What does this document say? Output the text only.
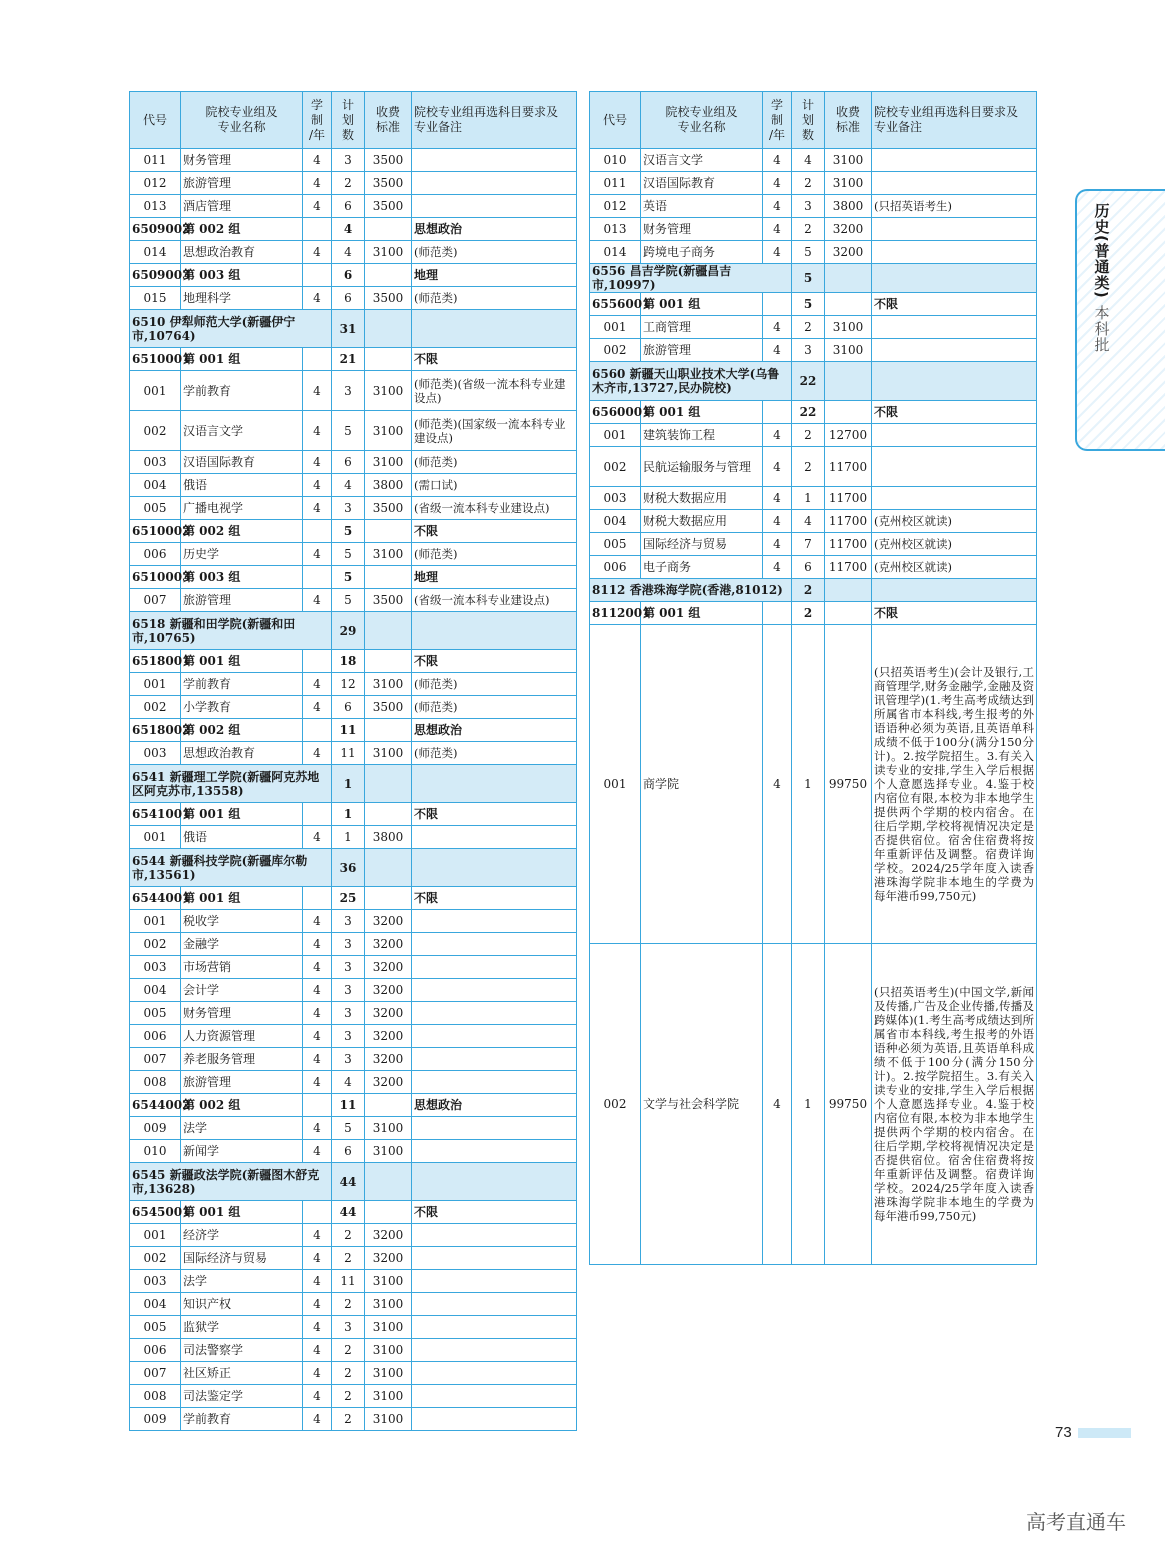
代号	院校专业组及
专业名称	学
制
/年	计
划
数	收费
标准	院校专业组再选科目要求及
专业备注
011	财务管理	4	3	3500	
012	旅游管理	4	2	3500	
013	酒店管理	4	6	3500	
6509002	第 002 组		4		思想政治
014	思想政治教育	4	4	3100	(师范类)
6509003	第 003 组		6		地理
015	地理科学	4	6	3500	(师范类)
6510 伊犁师范大学(新疆伊宁市,10764)			31		
6510001	第 001 组		21		不限
001	学前教育	4	3	3100	(师范类)(省级一流本科专业建设点)
002	汉语言文学	4	5	3100	(师范类)(国家级一流本科专业建设点)
003	汉语国际教育	4	6	3100	(师范类)
004	俄语	4	4	3800	(需口试)
005	广播电视学	4	3	3500	(省级一流本科专业建设点)
6510002	第 002 组		5		不限
006	历史学	4	5	3100	(师范类)
6510003	第 003 组		5		地理
007	旅游管理	4	5	3500	(省级一流本科专业建设点)
6518 新疆和田学院(新疆和田市,10765)			29		
6518001	第 001 组		18		不限
001	学前教育	4	12	3100	(师范类)
002	小学教育	4	6	3500	(师范类)
6518002	第 002 组		11		思想政治
003	思想政治教育	4	11	3100	(师范类)
6541 新疆理工学院(新疆阿克苏地区阿克苏市,13558)			1		
6541001	第 001 组		1		不限
001	俄语	4	1	3800	
6544 新疆科技学院(新疆库尔勒市,13561)			36		
6544001	第 001 组		25		不限
001	税收学	4	3	3200	
002	金融学	4	3	3200	
003	市场营销	4	3	3200	
004	会计学	4	3	3200	
005	财务管理	4	3	3200	
006	人力资源管理	4	3	3200	
007	养老服务管理	4	3	3200	
008	旅游管理	4	4	3200	
6544002	第 002 组		11		思想政治
009	法学	4	5	3100	
010	新闻学	4	6	3100	
6545 新疆政法学院(新疆图木舒克市,13628)			44		
6545001	第 001 组		44		不限
001	经济学	4	2	3200	
002	国际经济与贸易	4	2	3200	
003	法学	4	11	3100	
004	知识产权	4	2	3100	
005	监狱学	4	3	3100	
006	司法警察学	4	2	3100	
007	社区矫正	4	2	3100	
008	司法鉴定学	4	2	3100	
009	学前教育	4	2	3100	
代号	院校专业组及
专业名称	学
制
/年	计
划
数	收费
标准	院校专业组再选科目要求及
专业备注
010	汉语言文学	4	4	3100	
011	汉语国际教育	4	2	3100	
012	英语	4	3	3800	(只招英语考生)
013	财务管理	4	2	3200	
014	跨境电子商务	4	5	3200	
6556 昌吉学院(新疆昌吉市,10997)			5		
6556001	第 001 组		5		不限
001	工商管理	4	2	3100	
002	旅游管理	4	3	3100	
6560 新疆天山职业技术大学(乌鲁木齐市,13727,民办院校)			22		
6560001	第 001 组		22		不限
001	建筑装饰工程	4	2	12700	
002	民航运输服务与管理	4	2	11700	
003	财税大数据应用	4	1	11700	
004	财税大数据应用	4	4	11700	(克州校区就读)
005	国际经济与贸易	4	7	11700	(克州校区就读)
006	电子商务	4	6	11700	(克州校区就读)
8112 香港珠海学院(香港,81012)			2		
8112001	第 001 组		2		不限
001	商学院	4	1	99750	(只招英语考生)(会计及银行,工商管理学,财务金融学,金融及资讯管理学)(1.考生高考成绩达到所属省市本科线,考生报考的外语语种必须为英语,且英语单科成绩不低于100分(满分150分计)。2.按学院招生。3.有关入读专业的安排,学生入学后根据个人意愿选择专业。4.鉴于校内宿位有限,本校为非本地学生提供两个学期的校内宿舍。在往后学期,学校将视情况决定是否提供宿位。宿舍住宿费将按年重新评估及调整。宿费详询学校。2024/25学年度入读香港珠海学院非本地生的学费为每年港币99,750元)
002	文学与社会科学院	4	1	99750	(只招英语考生)(中国文学,新闻及传播,广告及企业传播,传播及跨媒体)(1.考生高考成绩达到所属省市本科线,考生报考的外语语种必须为英语,且英语单科成绩不低于100分(满分150分计)。2.按学院招生。3.有关入读专业的安排,学生入学后根据个人意愿选择专业。4.鉴于校内宿位有限,本校为非本地学生提供两个学期的校内宿舍。在往后学期,学校将视情况决定是否提供宿位。宿舍住宿费将按年重新评估及调整。宿费详询学校。2024/25学年度入读香港珠海学院非本地生的学费为每年港币99,750元)
历史(普通类)
本科批
73
高考直通车
